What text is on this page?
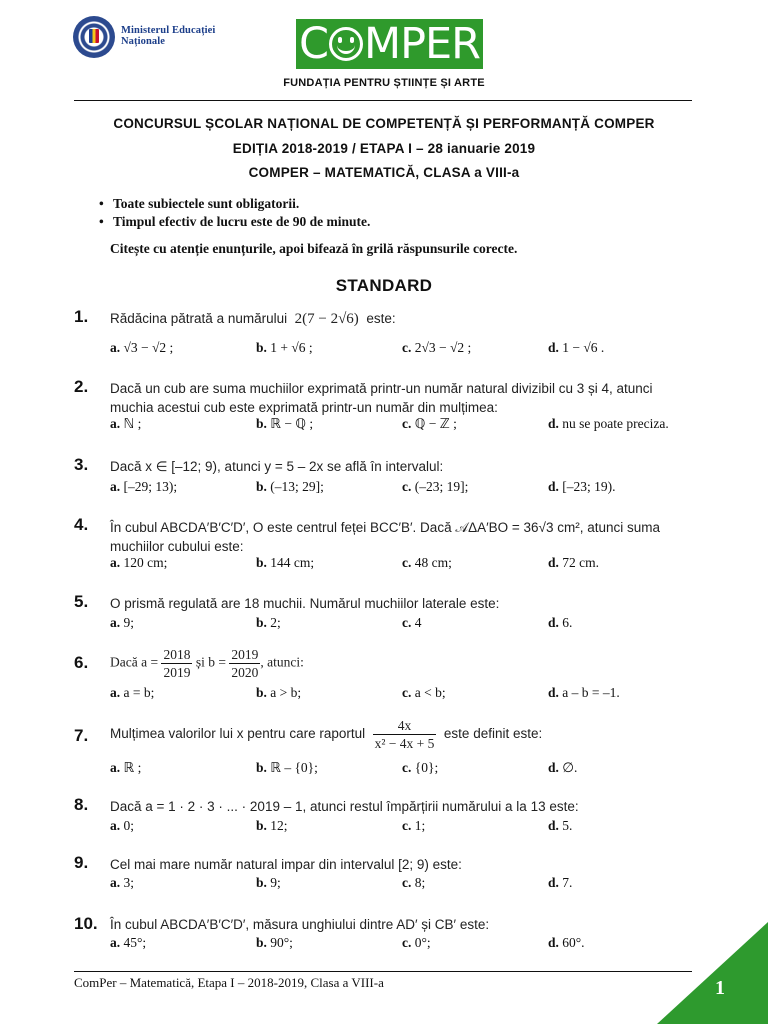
Ministerul Educației
Naționale	C MPER
FUNDAȚIA PENTRU ȘTIINȚE ȘI ARTE
CONCURSUL ȘCOLAR NAȚIONAL DE COMPETENȚĂ ȘI PERFORMANȚĂ COMPER
EDIȚIA 2018-2019 / ETAPA I – 28 ianuarie 2019
COMPER – MATEMATICĂ, CLASA a VIII-a
• Toate subiectele sunt obligatorii.
• Timpul efectiv de lucru este de 90 de minute.
Citește cu atenție enunțurile, apoi bifează în grilă răspunsurile corecte.
STANDARD
1. Rădăcina pătrată a numărului 2(7 − 2√6) este:
a. √3 − √2 ;	b. 1 + √6 ;	c. 2√3 − √2 ;	d. 1 − √6 .
2. Dacă un cub are suma muchiilor exprimată printr-un număr natural divizibil cu 3 și 4, atunci muchia acestui cub este exprimată printr-un număr din mulțimea:
a. ℕ ;	b. ℝ − ℚ ;	c. ℚ − ℤ ;	d. nu se poate preciza.
3. Dacă x ∈ [–12; 9), atunci y = 5 – 2x se află în intervalul:
a. [–29; 13);	b. (–13; 29];	c. (–23; 19];	d. [–23; 19).
4. În cubul ABCDA′B′C′D′, O este centrul feței BCC′B′. Dacă 𝒜ΔA′BO = 36√3 cm², atunci suma muchiilor cubului este:
a. 120 cm;	b. 144 cm;	c. 48 cm;	d. 72 cm.
5. O prismă regulată are 18 muchii. Numărul muchiilor laterale este:
a. 9;	b. 2;	c. 4	d. 6.
6. Dacă $a = \frac{2018}{2019}$ și $b = \frac{2019}{2020}$ , atunci:
a. a = b;	b. a > b;	c. a < b;	d. a – b = –1.
7. Mulțimea valorilor lui x pentru care raportul $\frac{4x}{\text{x² − 4x + 5}}$ este definit este:
a. ℝ ;	b. ℝ – {0};	c. {0};	d. ∅.
8. Dacă a = 1 · 2 · 3 · ... · 2019 – 1, atunci restul împărțirii numărului a la 13 este:
a. 0;	b. 12;	c. 1;	d. 5.
9. Cel mai mare număr natural impar din intervalul [2; 9) este:
a. 3;	b. 9;	c. 8;	d. 7.
10. În cubul ABCDA′B′C′D′, măsura unghiului dintre AD′ și CB′ este:
a. 45°;	b. 90°;	c. 0°;	d. 60°.
ComPer – Matematică, Etapa I – 2018-2019, Clasa a VIII-a	1
